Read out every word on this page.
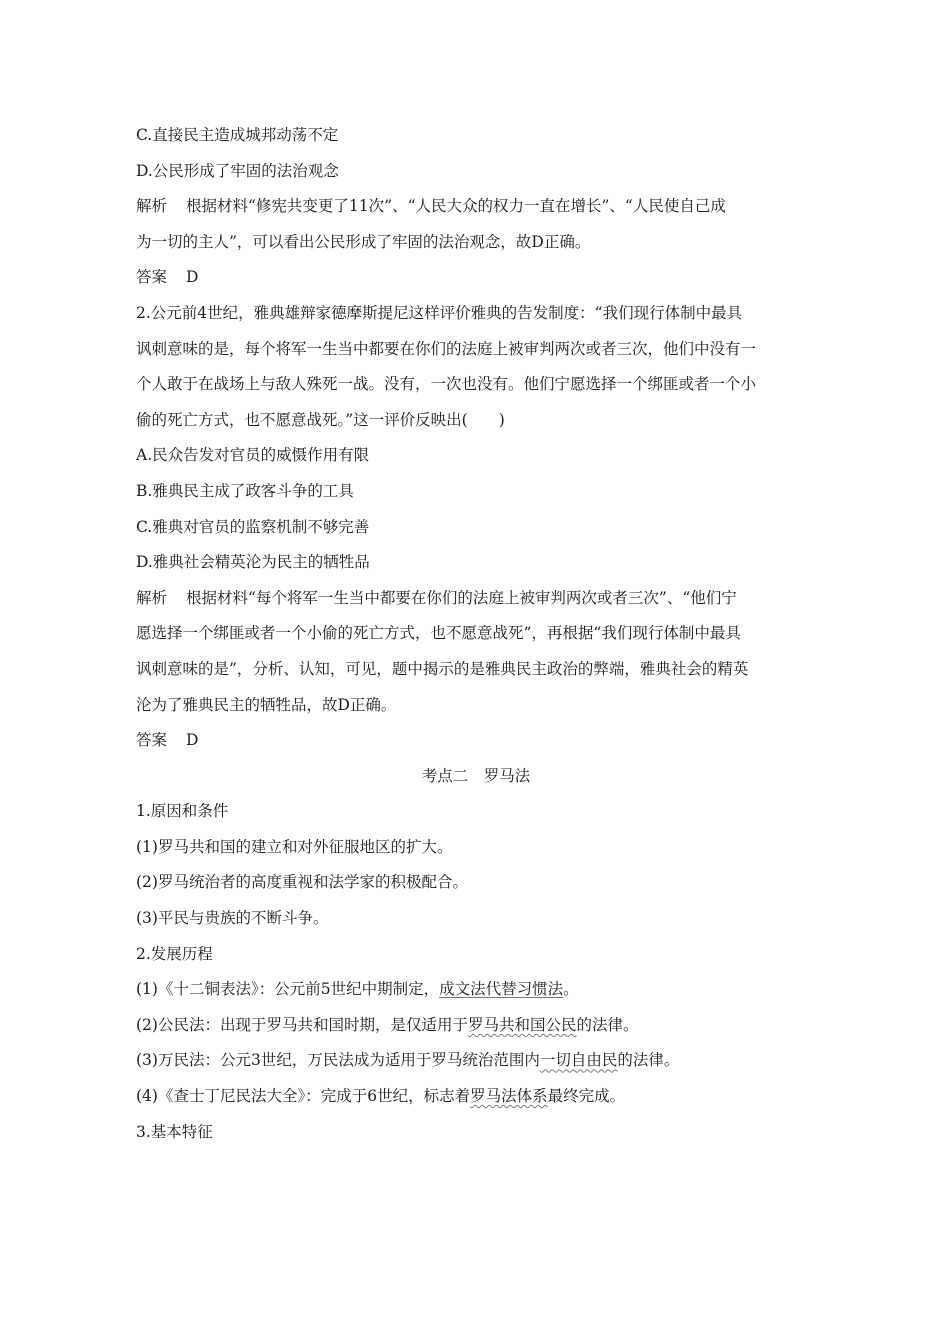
C.直接民主造成城邦动荡不定
D.公民形成了牢固的法治观念
解析 根据材料“修宪共变更了11次”、“人民大众的权力一直在增长”、“人民使自己成
为一切的主人”，可以看出公民形成了牢固的法治观念，故D正确。
答案 D
2.公元前4世纪，雅典雄辩家德摩斯提尼这样评价雅典的告发制度：“我们现行体制中最具
讽刺意味的是，每个将军一生当中都要在你们的法庭上被审判两次或者三次，他们中没有一
个人敢于在战场上与敌人殊死一战。没有，一次也没有。他们宁愿选择一个绑匪或者一个小
偷的死亡方式，也不愿意战死。”这一评价反映出(　　)
A.民众告发对官员的威慑作用有限
B.雅典民主成了政客斗争的工具
C.雅典对官员的监察机制不够完善
D.雅典社会精英沦为民主的牺牲品
解析 根据材料“每个将军一生当中都要在你们的法庭上被审判两次或者三次”、“他们宁
愿选择一个绑匪或者一个小偷的死亡方式，也不愿意战死”，再根据“我们现行体制中最具
讽刺意味的是”，分析、认知，可见，题中揭示的是雅典民主政治的弊端，雅典社会的精英
沦为了雅典民主的牺牲品，故D正确。
答案 D
考点二　罗马法
1.原因和条件
(1)罗马共和国的建立和对外征服地区的扩大。
(2)罗马统治者的高度重视和法学家的积极配合。
(3)平民与贵族的不断斗争。
2.发展历程
(1)《十二铜表法》：公元前5世纪中期制定，成文法代替习惯法。
(2)公民法：出现于罗马共和国时期，是仅适用于罗马共和国公民的法律。
(3)万民法：公元3世纪，万民法成为适用于罗马统治范围内一切自由民的法律。
(4)《查士丁尼民法大全》：完成于6世纪，标志着罗马法体系最终完成。
3.基本特征
